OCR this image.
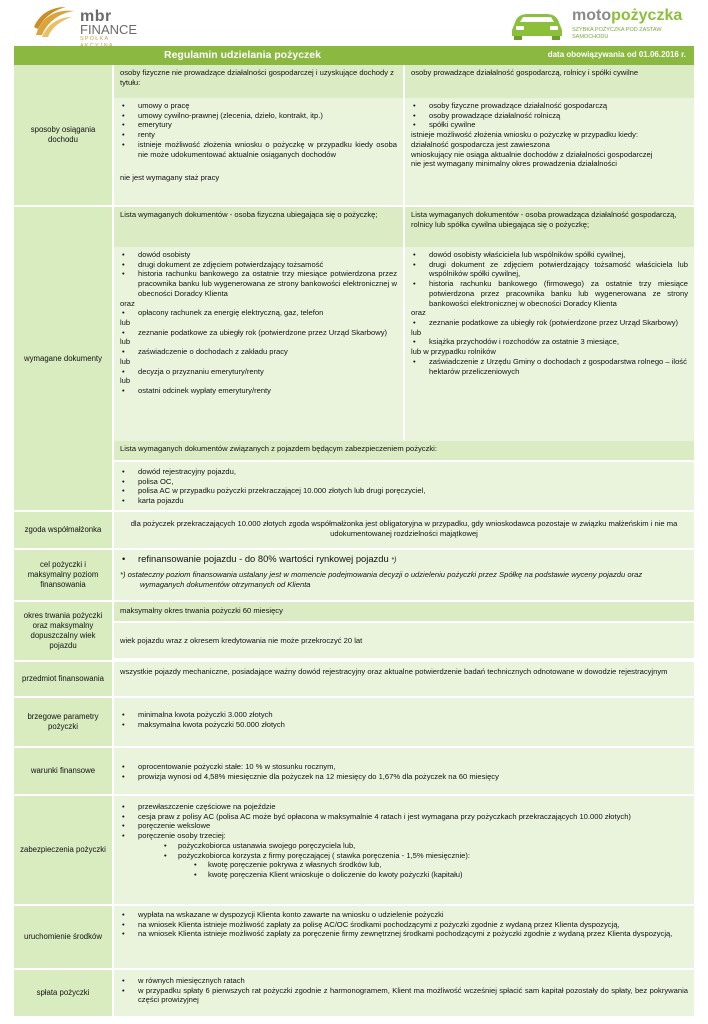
mbr
FINANCE
SPÓŁKA
motopożyczka
SZYBKA POŻYCZKA POD ZASTAW SAMOCHODU
Regulamin udzielania pożyczek	data obowiązywania od 01.06.2016 r.
sposoby osiągania dochodu
osoby fizyczne nie prowadzące działalności gospodarczej i uzyskujące dochody z tytułu:
osoby prowadzące działalność gospodarczą, rolnicy i spółki cywilne
• umowy o pracę
• umowy cywilno-prawnej (zlecenia, dzieło, kontrakt, itp.)
• emerytury
• renty
• istnieje możliwość złożenia wniosku o pożyczkę w przypadku kiedy osoba nie może udokumentować aktualnie osiąganych dochodów
nie jest wymagany staż pracy
• osoby fizyczne prowadzące działalność gospodarczą
• osoby prowadzące działalność rolniczą
• spółki cywilne
istnieje możliwość złożenia wniosku o pożyczkę w przypadku kiedy:
działalność gospodarcza jest zawieszona
wnioskujący nie osiąga aktualnie dochodów z działalności gospodarczej
nie jest wymagany minimalny okres prowadzenia działalności
wymagane dokumenty
Lista wymaganych dokumentów - osoba fizyczna ubiegająca się o pożyczkę;	Lista wymaganych dokumentów - osoba prowadząca działalność gospodarczą, rolnicy lub spółka cywilna ubiegająca się o pożyczkę;
• dowód osobisty
• drugi dokument ze zdjęciem potwierdzający tożsamość
• historia rachunku bankowego za ostatnie trzy miesiące potwierdzona przez pracownika banku lub wygenerowana ze strony bankowości elektronicznej w obecności Doradcy Klienta
oraz
• opłacony rachunek za energię elektryczną, gaz, telefon
lub
• zeznanie podatkowe za ubiegły rok (potwierdzone przez Urząd Skarbowy)
lub
• zaświadczenie o dochodach z zakładu pracy
lub
• decyzja o przyznaniu emerytury/renty
lub
• ostatni odcinek wypłaty emerytury/renty
• dowód osobisty właściciela lub wspólników spółki cywilnej,
• drugi dokument ze zdjęciem potwierdzający tożsamość właściciela lub wspólników spółki cywilnej,
• historia rachunku bankowego (firmowego) za ostatnie trzy miesiące potwierdzona przez pracownika banku lub wygenerowana ze strony bankowości elektronicznej w obecności Doradcy Klienta
oraz
• zeznanie podatkowe za ubiegły rok (potwierdzone przez Urząd Skarbowy)
lub
• książka przychodów i rozchodów za ostatnie 3 miesiące,
lub w przypadku rolników
• zaświadczenie z Urzędu Gminy o dochodach z gospodarstwa rolnego – ilość hektarów przeliczeniowych
Lista wymaganych dokumentów związanych z pojazdem będącym zabezpieczeniem pożyczki:
• dowód rejestracyjny pojazdu,
• polisa OC,
• polisa AC w przypadku pożyczki przekraczającej 10.000 złotych lub drugi poręczyciel,
• karta pojazdu
zgoda współmałżonka
dla pożyczek przekraczających 10.000 złotych zgoda współmałżonka jest obligatoryjna w przypadku, gdy wnioskodawca pozostaje w związku małżeńskim i nie ma udokumentowanej rozdzielności majątkowej
cel pożyczki i maksymalny poziom finansowania
• refinansowanie pojazdu - do 80% wartości rynkowej pojazdu *)
*) ostateczny poziom finansowania ustalany jest w momencie podejmowania decyzji o udzieleniu pożyczki przez Spółkę na podstawie wyceny pojazdu oraz wymaganych dokumentów otrzymanych od Klienta
okres trwania pożyczki oraz maksymalny dopuszczalny wiek pojazdu
maksymalny okres trwania pożyczki 60 miesięcy
wiek pojazdu wraz z okresem kredytowania nie może przekroczyć 20 lat
przedmiot finansowania
wszystkie pojazdy mechaniczne, posiadające ważny dowód rejestracyjny oraz aktualne potwierdzenie badań technicznych odnotowane w dowodzie rejestracyjnym
brzegowe parametry pożyczki
• minimalna kwota pożyczki 3.000 złotych
• maksymalna kwota pożyczki 50.000 złotych
warunki finansowe
•	oprocentowanie pożyczki stałe: 10 % w stosunku rocznym,
• prowizja wynosi od 4,58% miesięcznie dla pożyczek na 12 miesięcy do 1,67% dla pożyczek na 60 miesięcy
zabezpieczenia pożyczki
• przewłaszczenie częściowe na pojeździe
• cesja praw z polisy AC (polisa AC może być opłacona w maksymalnie 4 ratach i jest wymagana przy pożyczkach przekraczających 10.000 złotych)
• poręczenie wekslowe
• poręczenie osoby trzeciej:
• pożyczkobiorca ustanawia swojego poręczyciela lub,
• pożyczkobiorca korzysta z firmy poręczającej ( stawka poręczenia - 1,5% miesięcznie):
• kwotę poręczenie pokrywa z własnych środków lub,
• kwotę poręczenia Klient wnioskuje o doliczenie do kwoty pożyczki (kapitału)
uruchomienie środków
• wypłata na wskazane w dyspozycji Klienta konto zawarte na wniosku o udzielenie pożyczki
• na wniosek Klienta istnieje możliwość zapłaty za polisę AC/OC środkami pochodzącymi z pożyczki zgodnie z wydaną przez Klienta dyspozycją,
• na wniosek Klienta istnieje możliwość zapłaty za poręczenie firmy zewnętrznej środkami pochodzącymi z pożyczki zgodnie z wydaną przez Klienta dyspozycją,
spłata pożyczki
• w równych miesięcznych ratach
• w przypadku spłaty 6 pierwszych rat pożyczki zgodnie z harmonogramem, Klient ma możliwość wcześniej spłacić sam kapitał pozostały do spłaty, bez pokrywania części prowizyjnej
